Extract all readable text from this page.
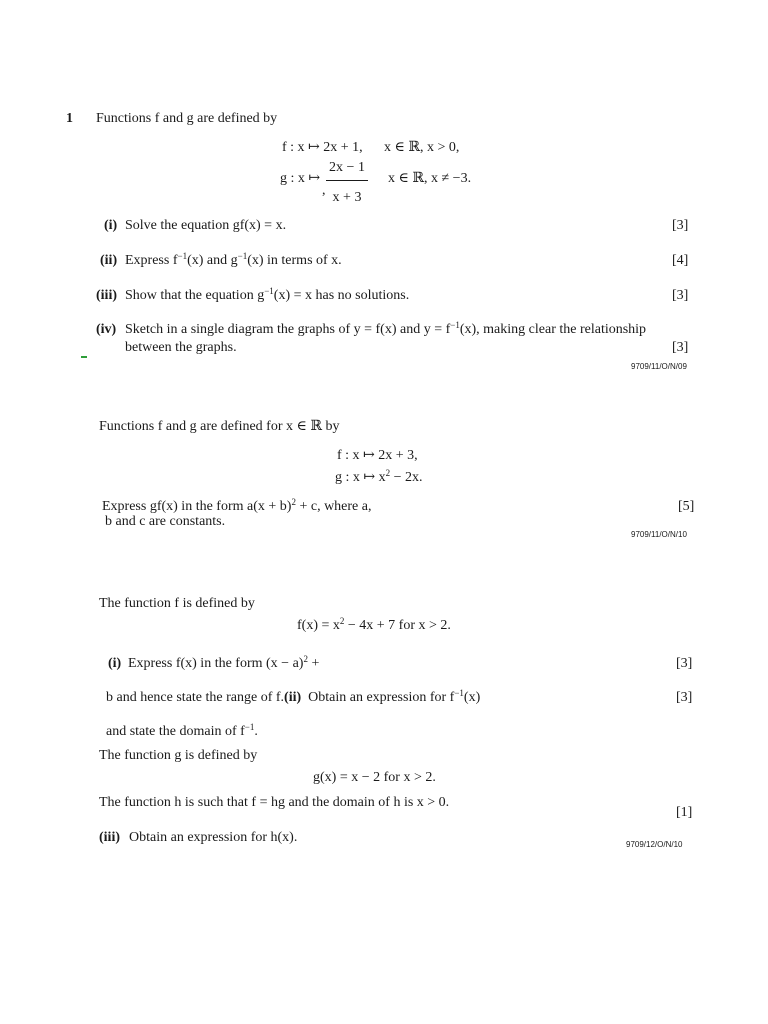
1 Functions f and g are defined by
f : x ↦ 2x + 1, x ∈ ℝ, x > 0,
g : x ↦
2x − 1
, x + 3
x ∈ ℝ, x ≠ −3.
(i) Solve the equation gf(x) = x.	[3]
(ii) Express $f^{-1}(x)$ and $g^{-1}(x)$ in terms of x.	[4]
(iii) Show that the equation $g^{-1}(x) = x$ has no solutions.	[3]
(iv) Sketch in a single diagram the graphs of y = f(x) and $y = f^{-1}(x)$, making clear the relationship
between the graphs.	[3]
9709/11/O/N/09
Functions f and g are defined for x ∈ ℝ by
f : x ↦ 2x + 3,
g : x ↦ $x^2 - 2x$.
Express gf(x) in the form $a(x + b)^2 + c$, where a,	[5]
b and c are constants.
9709/11/O/N/10
The function f is defined by
$f(x) = x^2 - 4x + 7$ for x > 2.
(i) Express f(x) in the form $(x - a)^2$ +	[3]
b and hence state the range of f.(ii) Obtain an expression for $f^{-1}(x)$	[3]
and state the domain of $f^{-1}$.
The function g is defined by
g(x) = x − 2 for x > 2.
The function h is such that f = hg and the domain of h is x > 0.
[1]
(iii) Obtain an expression for h(x).	9709/12/O/N/10
